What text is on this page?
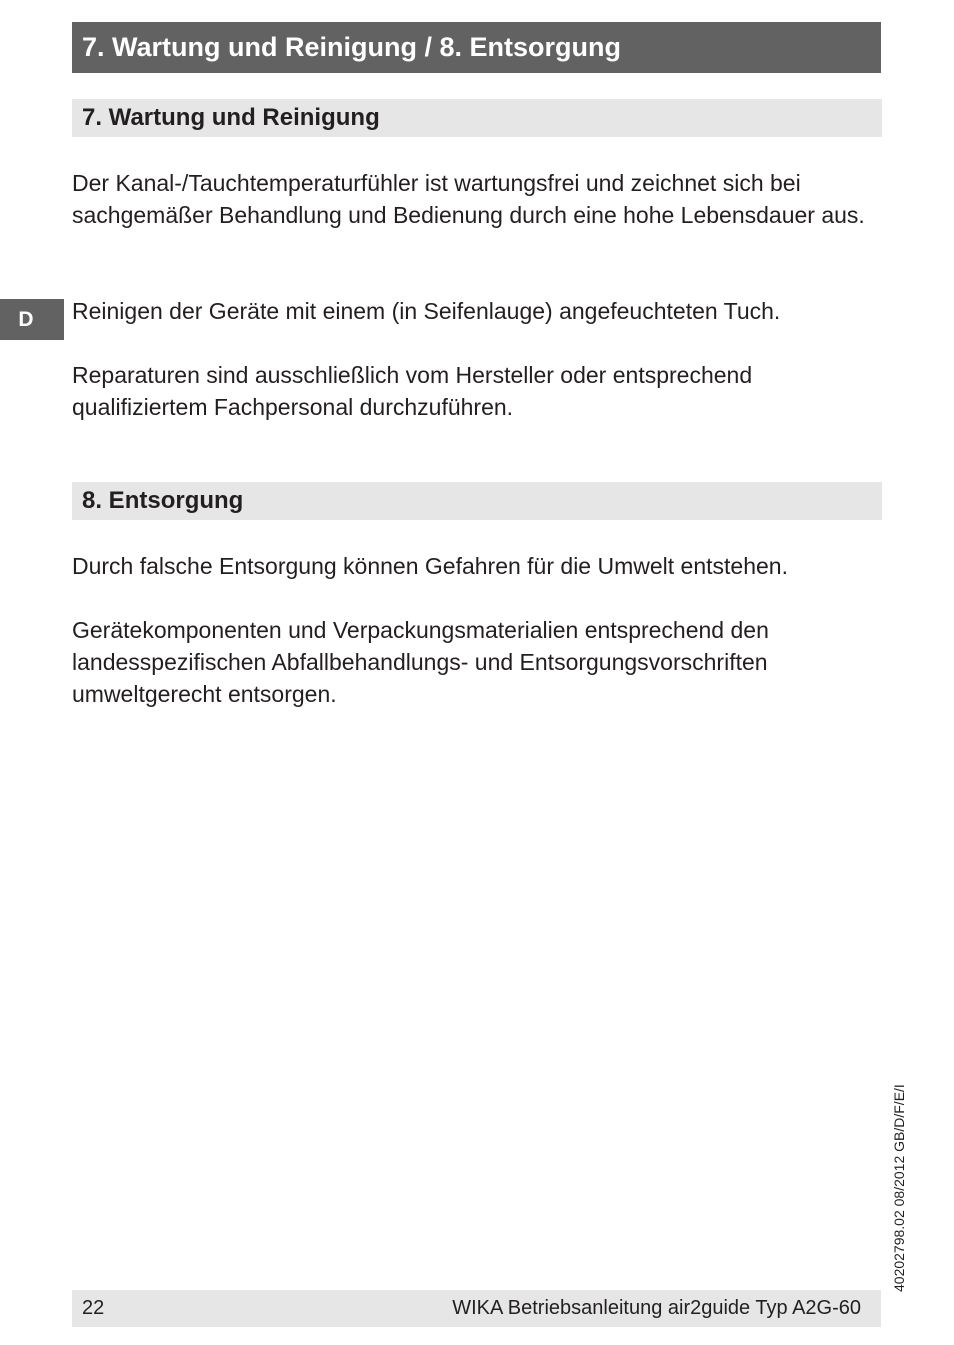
7. Wartung und Reinigung / 8. Entsorgung
7. Wartung und Reinigung

Der Kanal-/Tauchtemperaturfühler ist wartungsfrei und zeichnet sich bei sachgemäßer Behandlung und Bedienung durch eine hohe Lebensdauer aus.

D	Reinigen der Geräte mit einem (in Seifenlauge) angefeuchteten Tuch.

Reparaturen sind ausschließlich vom Hersteller oder entsprechend qualifiziertem Fachpersonal durchzuführen.

8. Entsorgung

Durch falsche Entsorgung können Gefahren für die Umwelt entstehen.

Gerätekomponenten und Verpackungsmaterialien entsprechend den landesspezifischen Abfallbehandlungs- und Entsorgungsvorschriften umweltgerecht entsorgen.

40202798.02 08/2012 GB/D/F/E/I
22	WIKA Betriebsanleitung air2guide Typ A2G-60
